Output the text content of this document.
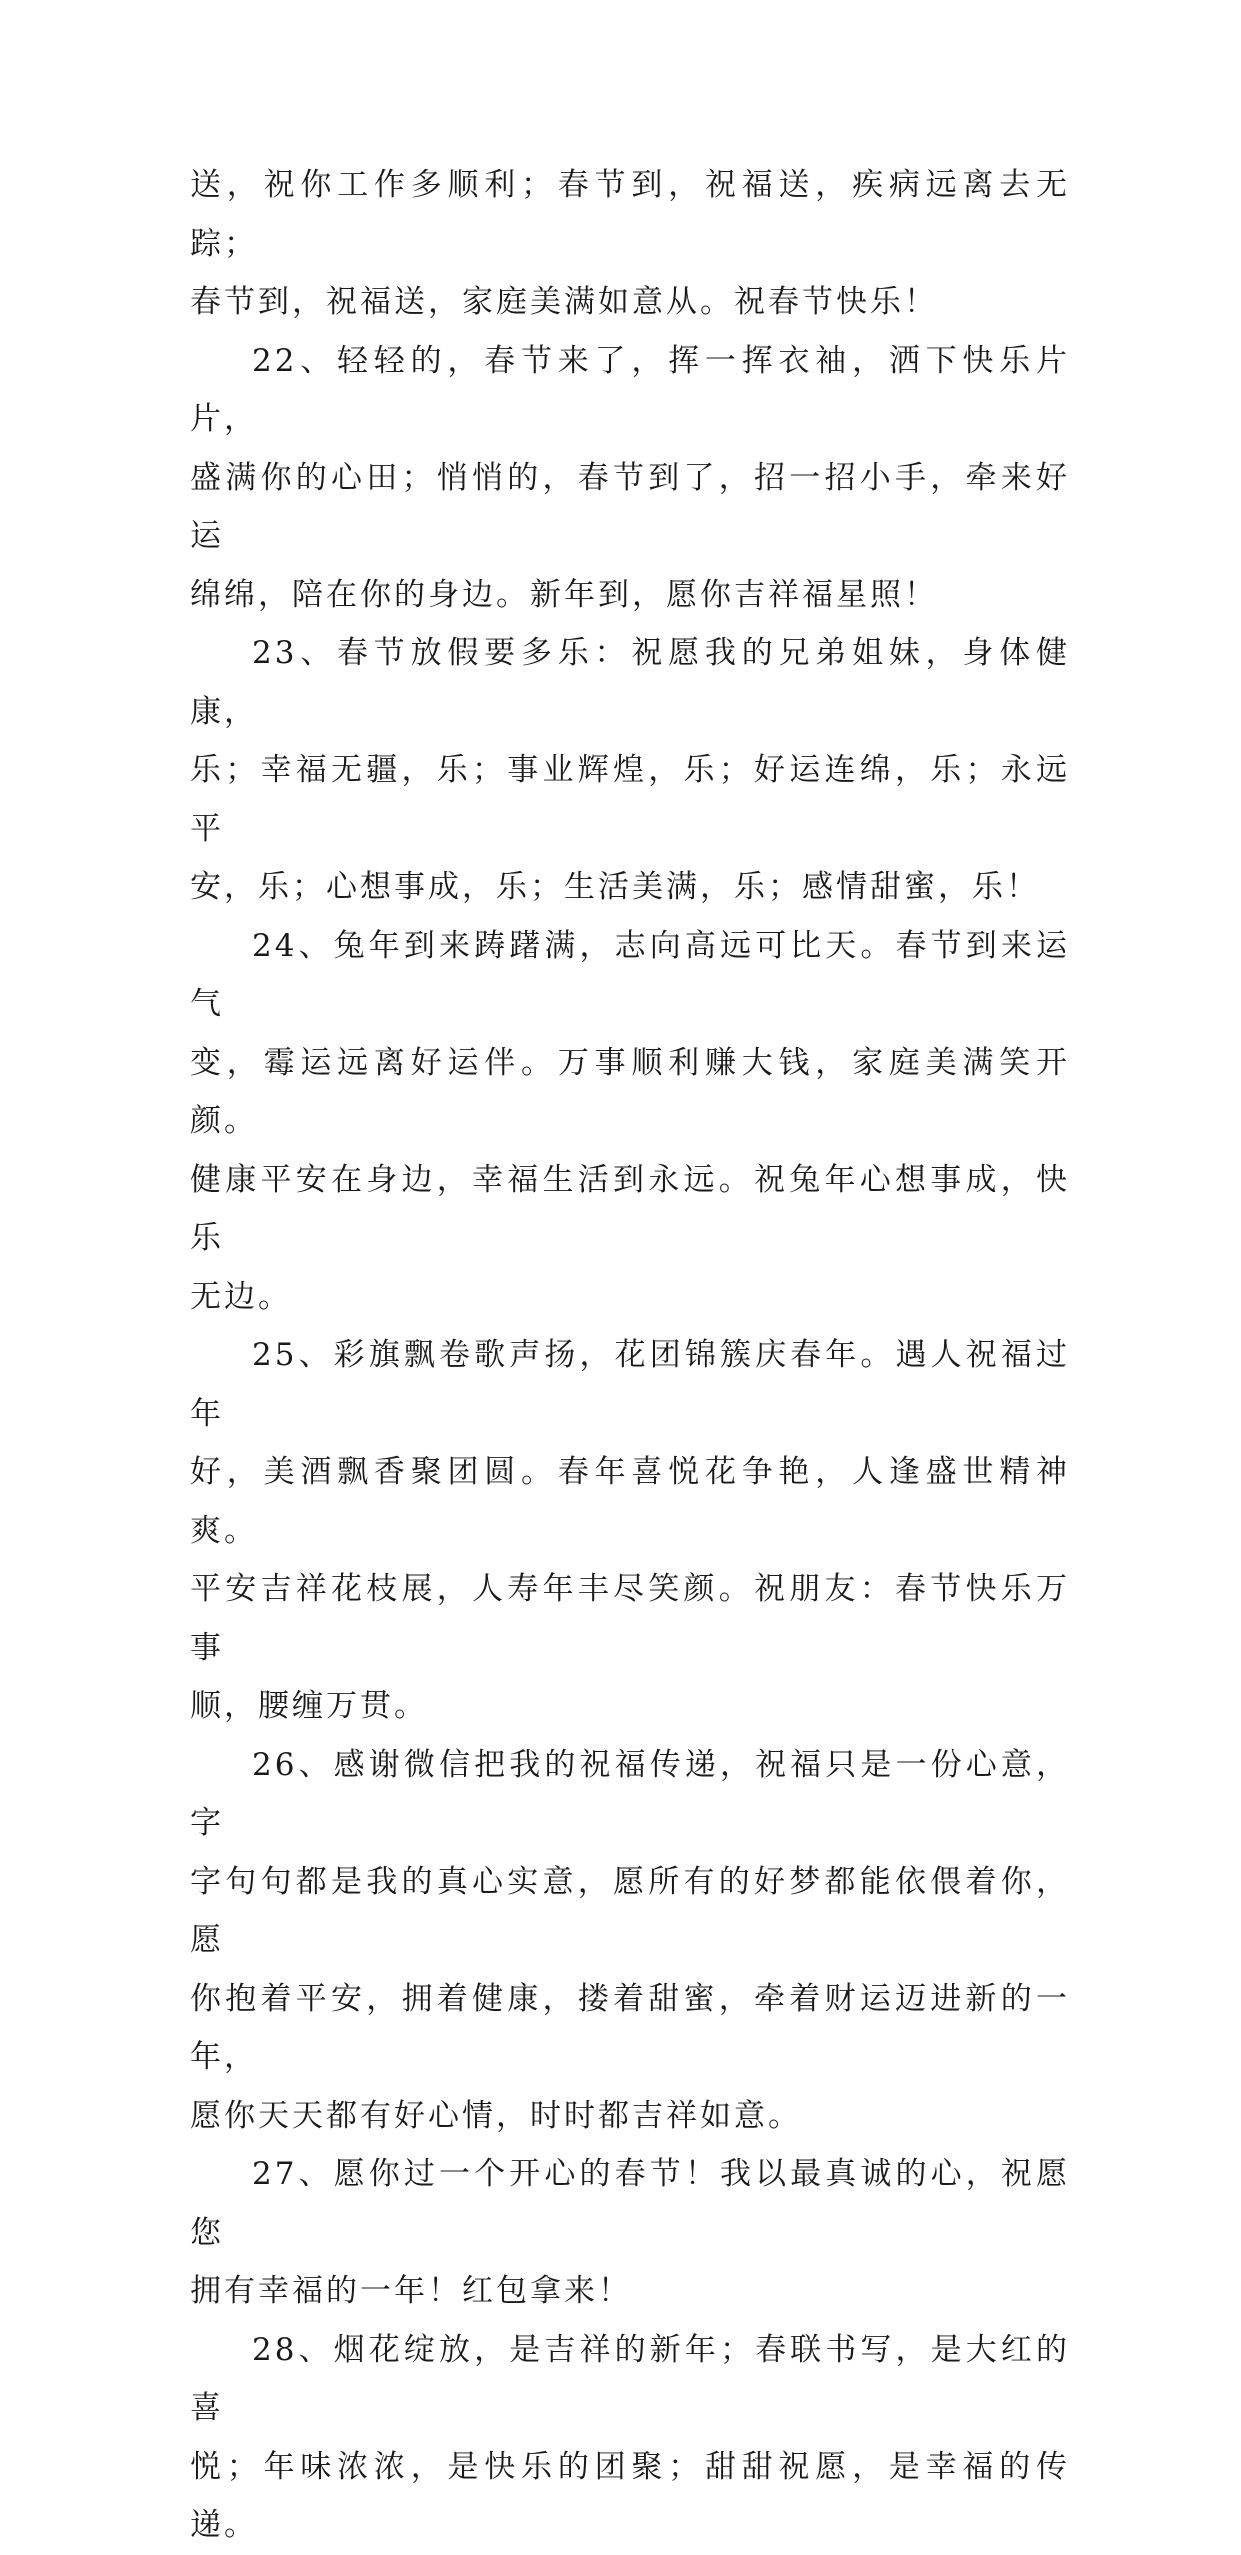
送，祝你工作多顺利；春节到，祝福送，疾病远离去无踪；
春节到，祝福送，家庭美满如意从。祝春节快乐！

22、轻轻的，春节来了，挥一挥衣袖，洒下快乐片片，
盛满你的心田；悄悄的，春节到了，招一招小手，牵来好运
绵绵，陪在你的身边。新年到，愿你吉祥福星照！

23、春节放假要多乐：祝愿我的兄弟姐妹，身体健康，
乐；幸福无疆，乐；事业辉煌，乐；好运连绵，乐；永远平
安，乐；心想事成，乐；生活美满，乐；感情甜蜜，乐！

24、兔年到来踌躇满，志向高远可比天。春节到来运气
变，霉运远离好运伴。万事顺利赚大钱，家庭美满笑开颜。
健康平安在身边，幸福生活到永远。祝兔年心想事成，快乐
无边。

25、彩旗飘卷歌声扬，花团锦簇庆春年。遇人祝福过年
好，美酒飘香聚团圆。春年喜悦花争艳，人逢盛世精神爽。
平安吉祥花枝展，人寿年丰尽笑颜。祝朋友：春节快乐万事
顺，腰缠万贯。

26、感谢微信把我的祝福传递，祝福只是一份心意，字
字句句都是我的真心实意，愿所有的好梦都能依偎着你，愿
你抱着平安，拥着健康，搂着甜蜜，牵着财运迈进新的一年，
愿你天天都有好心情，时时都吉祥如意。

27、愿你过一个开心的春节！我以最真诚的心，祝愿您
拥有幸福的一年！红包拿来！

28、烟花绽放，是吉祥的新年；春联书写，是大红的喜
悦；年味浓浓，是快乐的团聚；甜甜祝愿，是幸福的传递。
